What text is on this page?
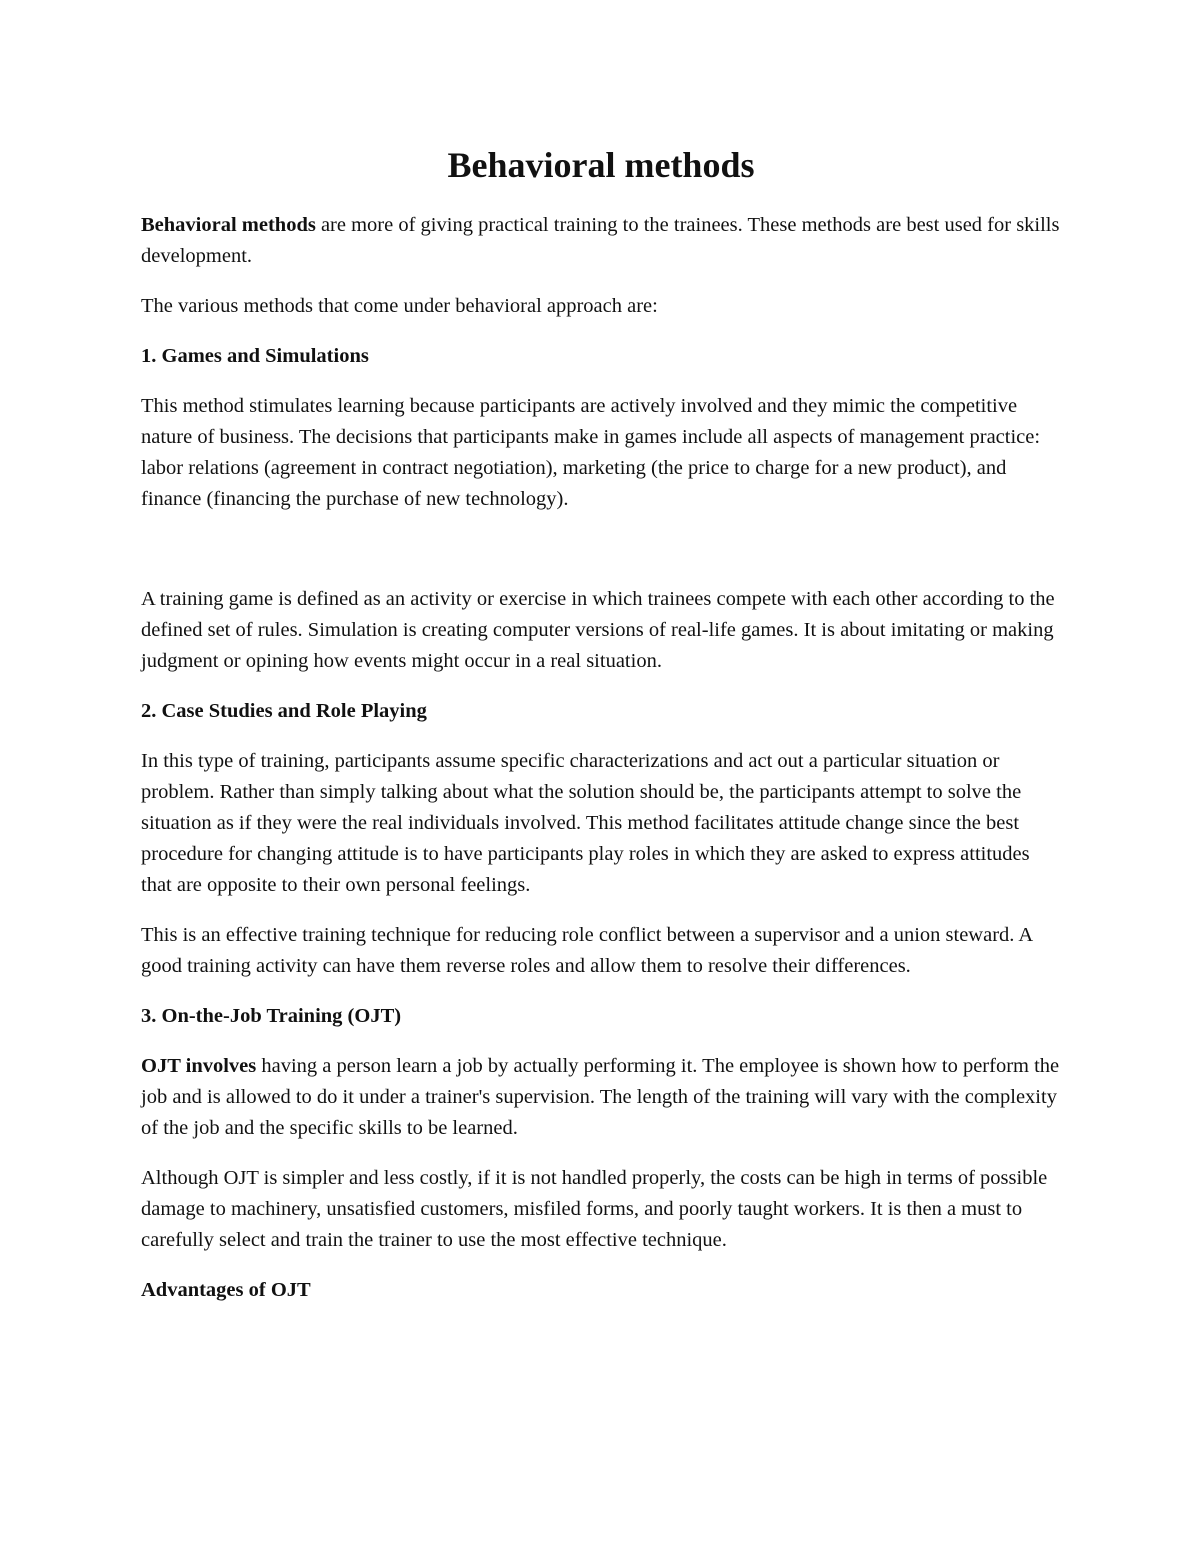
Behavioral methods

Behavioral methods are more of giving practical training to the trainees. These methods are best used for skills development.

The various methods that come under behavioral approach are:

1. Games and Simulations

This method stimulates learning because participants are actively involved and they mimic the competitive nature of business. The decisions that participants make in games include all aspects of management practice: labor relations (agreement in contract negotiation), marketing (the price to charge for a new product), and finance (financing the purchase of new technology).

A training game is defined as an activity or exercise in which trainees compete with each other according to the defined set of rules. Simulation is creating computer versions of real-life games. It is about imitating or making judgment or opining how events might occur in a real situation.

2. Case Studies and Role Playing

In this type of training, participants assume specific characterizations and act out a particular situation or problem. Rather than simply talking about what the solution should be, the participants attempt to solve the situation as if they were the real individuals involved. This method facilitates attitude change since the best procedure for changing attitude is to have participants play roles in which they are asked to express attitudes that are opposite to their own personal feelings.

This is an effective training technique for reducing role conflict between a supervisor and a union steward. A good training activity can have them reverse roles and allow them to resolve their differences.

3. On-the-Job Training (OJT)

OJT involves having a person learn a job by actually performing it. The employee is shown how to perform the job and is allowed to do it under a trainer's supervision. The length of the training will vary with the complexity of the job and the specific skills to be learned.

Although OJT is simpler and less costly, if it is not handled properly, the costs can be high in terms of possible damage to machinery, unsatisfied customers, misfiled forms, and poorly taught workers. It is then a must to carefully select and train the trainer to use the most effective technique.

Advantages of OJT
